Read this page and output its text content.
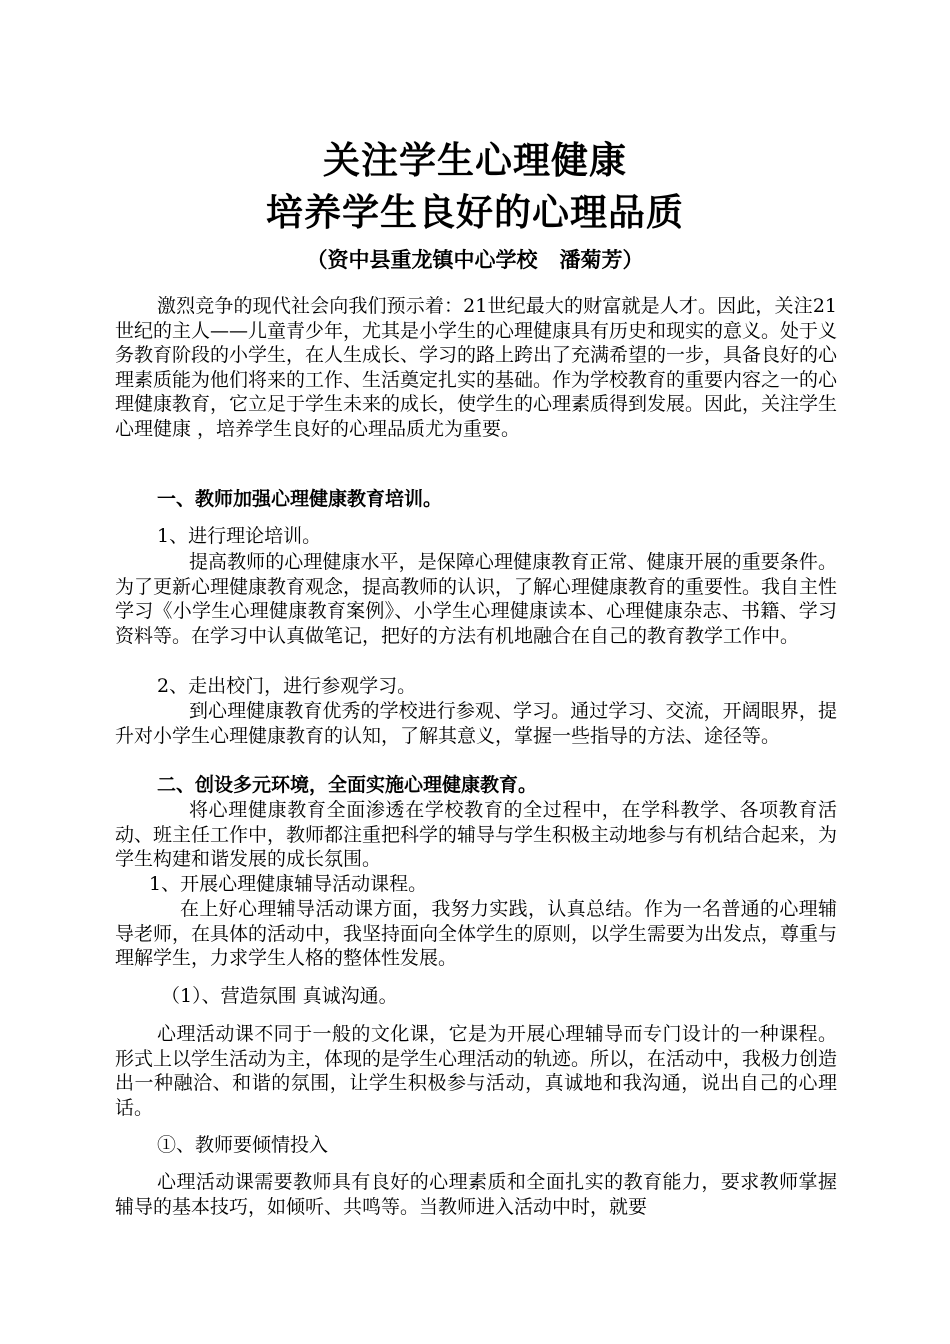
关注学生心理健康
培养学生良好的心理品质
（资中县重龙镇中心学校   潘菊芳）

激烈竞争的现代社会向我们预示着：21世纪最大的财富就是人才。因此，关注21世纪的主人——儿童青少年，尤其是小学生的心理健康具有历史和现实的意义。处于义务教育阶段的小学生，在人生成长、学习的路上跨出了充满希望的一步，具备良好的心理素质能为他们将来的工作、生活奠定扎实的基础。作为学校教育的重要内容之一的心理健康教育，它立足于学生未来的成长，使学生的心理素质得到发展。因此，关注学生心理健康 ，培养学生良好的心理品质尤为重要。

一、教师加强心理健康教育培训。

1、进行理论培训。

提高教师的心理健康水平，是保障心理健康教育正常、健康开展的重要条件。为了更新心理健康教育观念，提高教师的认识，了解心理健康教育的重要性。我自主性学习《小学生心理健康教育案例》、小学生心理健康读本、心理健康杂志、书籍、学习资料等。在学习中认真做笔记，把好的方法有机地融合在自己的教育教学工作中。

2、走出校门，进行参观学习。

到心理健康教育优秀的学校进行参观、学习。通过学习、交流，开阔眼界，提升对小学生心理健康教育的认知，了解其意义，掌握一些指导的方法、途径等。

二、创设多元环境，全面实施心理健康教育。

将心理健康教育全面渗透在学校教育的全过程中，在学科教学、各项教育活动、班主任工作中，教师都注重把科学的辅导与学生积极主动地参与有机结合起来，为学生构建和谐发展的成长氛围。

1、开展心理健康辅导活动课程。

在上好心理辅导活动课方面，我努力实践，认真总结。作为一名普通的心理辅导老师，在具体的活动中，我坚持面向全体学生的原则，以学生需要为出发点，尊重与理解学生，力求学生人格的整体性发展。

（1）、营造氛围 真诚沟通。

心理活动课不同于一般的文化课，它是为开展心理辅导而专门设计的一种课程。形式上以学生活动为主，体现的是学生心理活动的轨迹。所以，在活动中，我极力创造出一种融洽、和谐的氛围，让学生积极参与活动，真诚地和我沟通，说出自己的心理话。

①、教师要倾情投入

心理活动课需要教师具有良好的心理素质和全面扎实的教育能力，要求教师掌握辅导的基本技巧，如倾听、共鸣等。当教师进入活动中时，就要
